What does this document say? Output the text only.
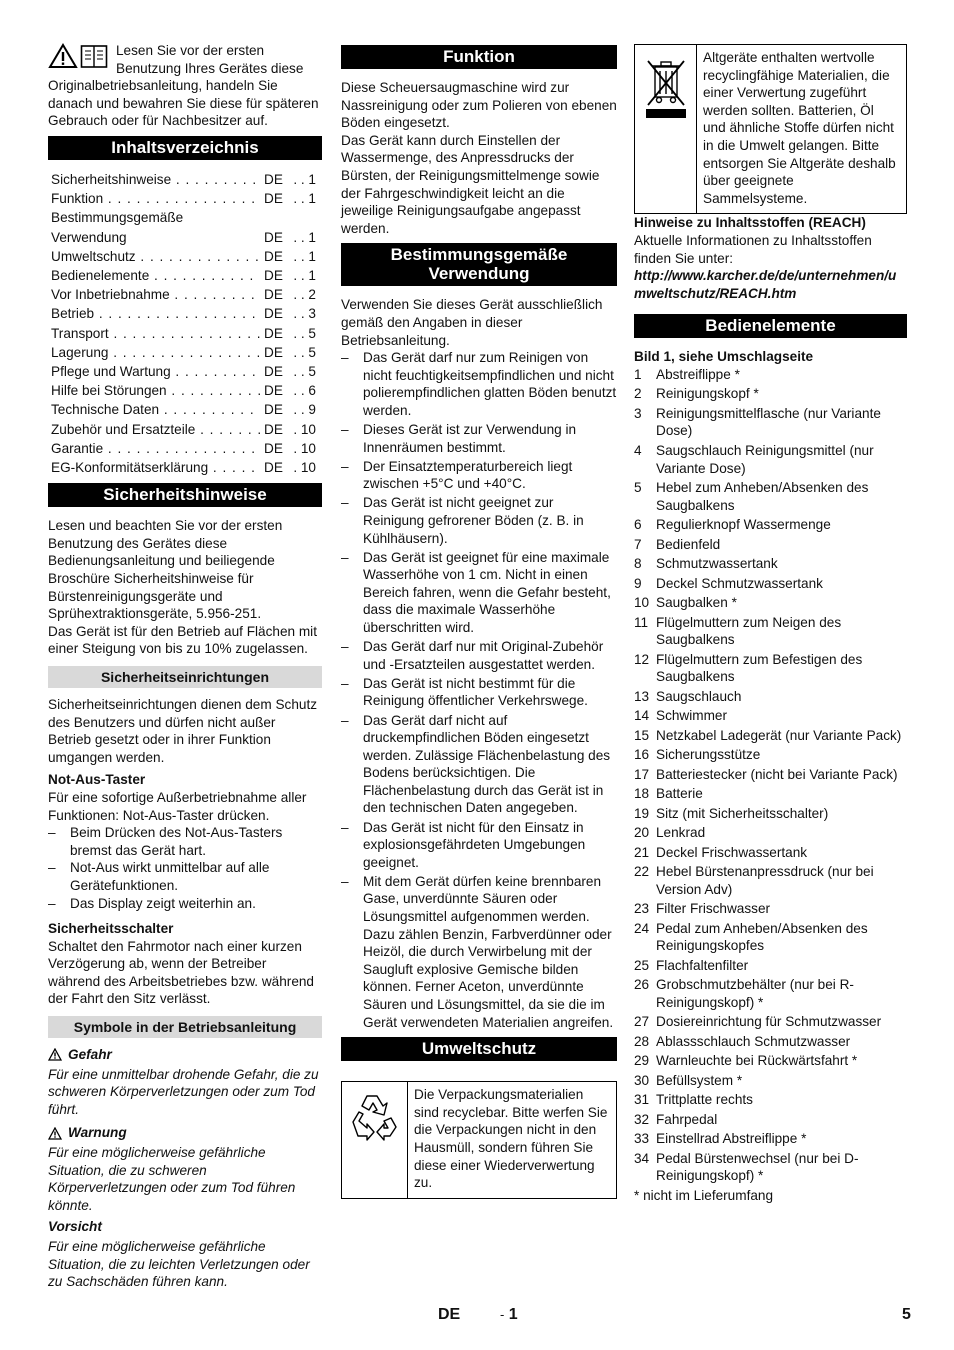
Lesen Sie vor der ersten Benutzung Ihres Gerätes diese Originalbetriebsanleitung, handeln Sie danach und bewahren Sie diese für späteren Gebrauch oder für Nachbesitzer auf.

Inhaltsverzeichnis
Sicherheitshinweise . . .	DE . . 1
Funktion . . .	DE . . 1
Bestimmungsgemäße Verwendung	DE . . 1
Umweltschutz . . .	DE . . 1
Bedienelemente . . .	DE . . 1
Vor Inbetriebnahme . . .	DE . . 2
Betrieb . . .	DE . . 3
Transport . . .	DE . . 5
Lagerung . . .	DE . . 5
Pflege und Wartung . . .	DE . . 5
Hilfe bei Störungen . . .	DE . . 6
Technische Daten . . .	DE . . 9
Zubehör und Ersatzteile . . .	DE . 10
Garantie . . .	DE . 10
EG-Konformitätserklärung . . .	DE . 10
Sicherheitshinweise

Lesen und beachten Sie vor der ersten Benutzung des Gerätes diese Bedienungsanleitung und beiliegende Broschüre Sicherheitshinweise für Bürstenreinigungsgeräte und Sprühextraktionsgeräte, 5.956-251.

Das Gerät ist für den Betrieb auf Flächen mit einer Steigung von bis zu 10% zugelassen.

Sicherheitseinrichtungen

Sicherheitseinrichtungen dienen dem Schutz des Benutzers und dürfen nicht außer Betrieb gesetzt oder in ihrer Funktion umgangen werden.

Not-Aus-Taster

Für eine sofortige Außerbetriebnahme aller Funktionen: Not-Aus-Taster drücken.

– Beim Drücken des Not-Aus-Tasters bremst das Gerät hart.
– Not-Aus wirkt unmittelbar auf alle Gerätefunktionen.
– Das Display zeigt weiterhin an.

Sicherheitsschalter

Schaltet den Fahrmotor nach einer kurzen Verzögerung ab, wenn der Betreiber während des Arbeitsbetriebes bzw. während der Fahrt den Sitz verlässt.

Symbole in der Betriebsanleitung
Gefahr

Für eine unmittelbar drohende Gefahr, die zu schweren Körperverletzungen oder zum Tod führt.

Warnung

Für eine möglicherweise gefährliche Situation, die zu schweren Körperverletzungen oder zum Tod führen könnte.

Vorsicht

Für eine möglicherweise gefährliche Situation, die zu leichten Verletzungen oder zu Sachschäden führen kann.

Funktion

Diese Scheuersaugmaschine wird zur Nassreinigung oder zum Polieren von ebenen Böden eingesetzt.

Das Gerät kann durch Einstellen der Wassermenge, des Anpressdrucks der Bürsten, der Reinigungsmittelmenge sowie der Fahrgeschwindigkeit leicht an die jeweilige Reinigungsaufgabe angepasst werden.

Bestimmungsgemäße Verwendung

Verwenden Sie dieses Gerät ausschließlich gemäß den Angaben in dieser Betriebsanleitung.

– Das Gerät darf nur zum Reinigen von nicht feuchtigkeitsempfindlichen und nicht polierempfindlichen glatten Böden benutzt werden.
– Dieses Gerät ist zur Verwendung in Innenräumen bestimmt.
– Der Einsatztemperaturbereich liegt zwischen +5°C und +40°C.
– Das Gerät ist nicht geeignet zur Reinigung gefrorener Böden (z. B. in Kühlhäusern).
– Das Gerät ist geeignet für eine maximale Wasserhöhe von 1 cm. Nicht in einen Bereich fahren, wenn die Gefahr besteht, dass die maximale Wasserhöhe überschritten wird.
– Das Gerät darf nur mit Original-Zubehör und -Ersatzteilen ausgestattet werden.
– Das Gerät ist nicht bestimmt für die Reinigung öffentlicher Verkehrswege.
– Das Gerät darf nicht auf druckempfindlichen Böden eingesetzt werden. Zulässige Flächenbelastung des Bodens berücksichtigen. Die Flächenbelastung durch das Gerät ist in den technischen Daten angegeben.
– Das Gerät ist nicht für den Einsatz in explosionsgefährdeten Umgebungen geeignet.
– Mit dem Gerät dürfen keine brennbaren Gase, unverdünnte Säuren oder Lösungsmittel aufgenommen werden. Dazu zählen Benzin, Farbverdünner oder Heizöl, die durch Verwirbelung mit der Saugluft explosive Gemische bilden können. Ferner Aceton, unverdünnte Säuren und Lösungsmittel, da sie die im Gerät verwendeten Materialien angreifen.
Umweltschutz
Die Verpackungsmaterialien sind recyclebar. Bitte werfen Sie die Verpackungen nicht in den Hausmüll, sondern führen Sie diese einer Wiederverwertung zu.
Altgeräte enthalten wertvolle recyclingfähige Materialien, die einer Verwertung zugeführt werden sollten. Batterien, Öl und ähnliche Stoffe dürfen nicht in die Umwelt gelangen. Bitte entsorgen Sie Altgeräte deshalb über geeignete Sammelsysteme.

Hinweise zu Inhaltsstoffen (REACH)

Aktuelle Informationen zu Inhaltsstoffen finden Sie unter:

http://www.karcher.de/de/unternehmen/umweltschutz/REACH.htm
Bedienelemente

Bild 1, siehe Umschlagseite

1	Abstreiflippe *
2	Reinigungskopf *
3	Reinigungsmittelflasche (nur Variante Dose)
4	Saugschlauch Reinigungsmittel (nur Variante Dose)
5	Hebel zum Anheben/Absenken des Saugbalkens
6	Regulierknopf Wassermenge
7	Bedienfeld
8	Schmutzwassertank
9	Deckel Schmutzwassertank
10 Saugbalken *
11 Flügelmuttern zum Neigen des Saugbalkens
12 Flügelmuttern zum Befestigen des Saugbalkens
13 Saugschlauch
14 Schwimmer
15 Netzkabel Ladegerät (nur Variante Pack)
16 Sicherungsstütze
17 Batteriestecker (nicht bei Variante Pack)
18 Batterie
19 Sitz (mit Sicherheitsschalter)
20 Lenkrad
21 Deckel Frischwassertank
22 Hebel Bürstenanpressdruck (nur bei Version Adv)
23 Filter Frischwasser
24 Pedal zum Anheben/Absenken des Reinigungskopfes
25 Flachfaltenfilter
26 Grobschmutzbehälter (nur bei R-Reinigungskopf) *
27 Dosiereinrichtung für Schmutzwasser
28 Ablassschlauch Schmutzwasser
29 Warnleuchte bei Rückwärtsfahrt *
30 Befüllsystem *
31 Trittplatte rechts
32 Fahrpedal
33 Einstellrad Abstreiflippe *
34 Pedal Bürstenwechsel (nur bei D-Reinigungskopf) *

* nicht im Lieferumfang

DE	- 1	5
